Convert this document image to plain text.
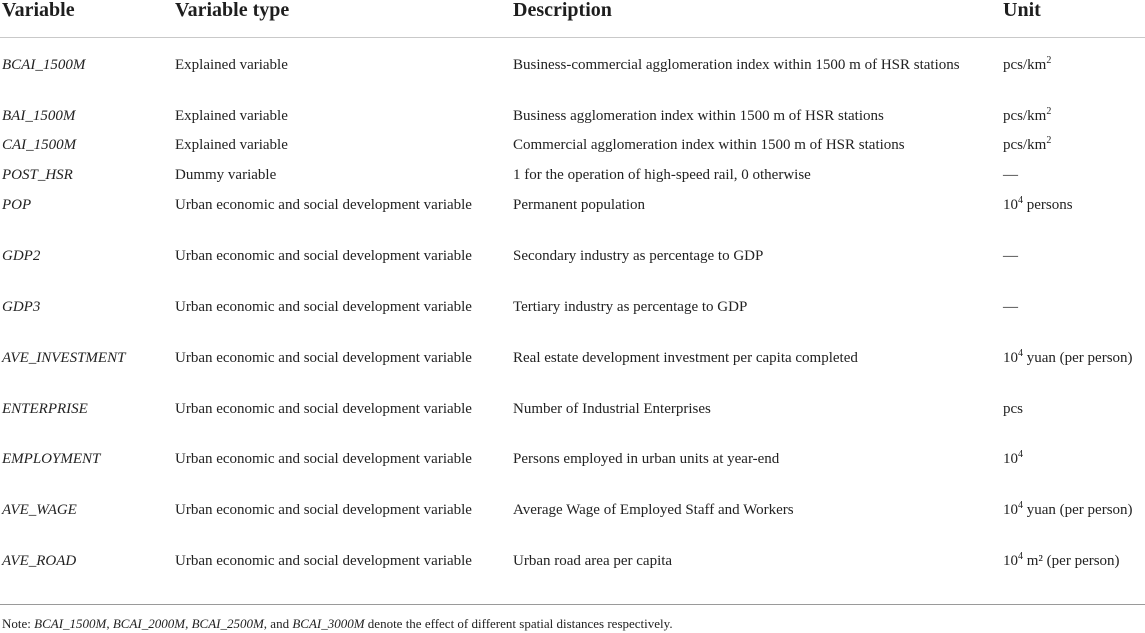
Variable	Variable type	Description	Unit
BCAI_1500M	Explained variable	Business-commercial agglomeration index within 1500 m of HSR stations	pcs/$km^2$
BAI_1500M	Explained variable	Business agglomeration index within 1500 m of HSR stations	pcs/$km^2$
CAI_1500M	Explained variable	Commercial agglomeration index within 1500 m of HSR stations	pcs/$km^2$
POST_HSR	Dummy variable	1 for the operation of high-speed rail, 0 otherwise	—
POP	Urban economic and social development variable	Permanent population	$10^4$ persons
GDP2	Urban economic and social development variable	Secondary industry as percentage to GDP	—
GDP3	Urban economic and social development variable	Tertiary industry as percentage to GDP	—
AVE_INVESTMENT	Urban economic and social development variable	Real estate development investment per capita completed	$10^4$ yuan (per person)
ENTERPRISE	Urban economic and social development variable	Number of Industrial Enterprises	pcs
EMPLOYMENT	Urban economic and social development variable	Persons employed in urban units at year-end	$10^4$
AVE_WAGE	Urban economic and social development variable	Average Wage of Employed Staff and Workers	$10^4$ yuan (per person)
AVE_ROAD	Urban economic and social development variable	Urban road area per capita	$10^4$ m² (per person)
Note: BCAI_1500M, BCAI_2000M, BCAI_2500M, and BCAI_3000M denote the effect of different spatial distances respectively.
